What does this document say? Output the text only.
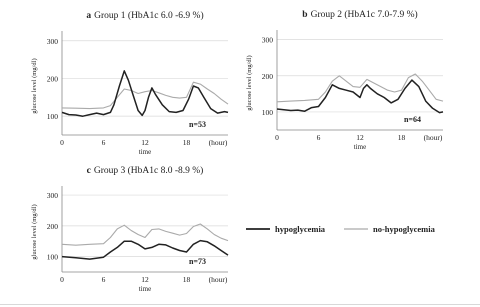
a Group 1 (HbA1c 6.0 -6.9 %)
100
200
300
glucose level (mg/dl)
0	6	12	18 (hour)
time
n=53
b Group 2 (HbA1c 7.0-7.9 %)
100
200
300
glucose level (mg/dl)
0	6	12	18 (hour)
time
n=64
c Group 3 (HbA1c 8.0 -8.9 %)
100
200
300
glucose level (mg/dl)
0	6	12	18 (hour)
time
n=73
hypoglycemia	no-hypoglycemia
